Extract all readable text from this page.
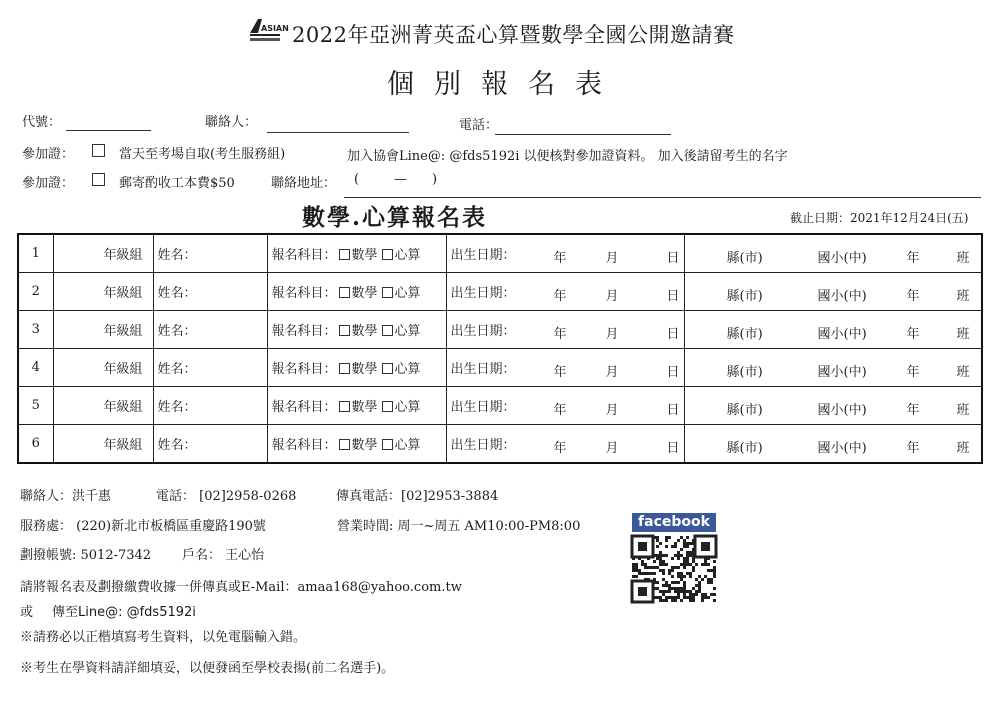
ASIAN 2022年亞洲菁英盃心算暨數學全國公開邀請賽
個別報名表
代號：	聯絡人：	電話：
參加證：	當天至考場自取(考生服務組)	加入協會Line@: @fds5192i 以便核對參加證資料。 加入後請留考生的名字
參加證：	郵寄酌收工本費$50	聯絡地址： (	— )
數學.心算報名表	截止日期：2021年12月24日(五)
1	年級組	姓名：	報名科目： 數學 心算	出生日期： 年 月 日	縣(市) 國小(中) 年 班

2	年級組	姓名：	報名科目： 數學 心算	出生日期： 年 月 日	縣(市) 國小(中) 年 班

3	年級組	姓名：	報名科目： 數學 心算	出生日期： 年 月 日	縣(市) 國小(中) 年 班

4	年級組	姓名：	報名科目： 數學 心算	出生日期： 年 月 日	縣(市) 國小(中) 年 班

5	年級組	姓名：	報名科目： 數學 心算	出生日期： 年 月 日	縣(市) 國小(中) 年 班

6	年級組	姓名：	報名科目： 數學 心算	出生日期： 年 月 日	縣(市) 國小(中) 年 班
聯絡人：洪千惠	電話： [02]2958-0268	傳真電話：[02]2953-3884
服務處： (220)新北市板橋區重慶路190號	營業時間: 周一~周五 AM10:00-PM8:00
劃撥帳號: 5012-7342 戶名： 王心怡
請將報名表及劃撥繳費收據一併傳真或E-Mail：amaa168@yahoo.com.tw
或 傳至Line@: @fds5192i
※請務必以正楷填寫考生資料，以免電腦輸入錯。
※考生在學資料請詳細填妥，以便發函至學校表揚(前二名選手)。
facebook
